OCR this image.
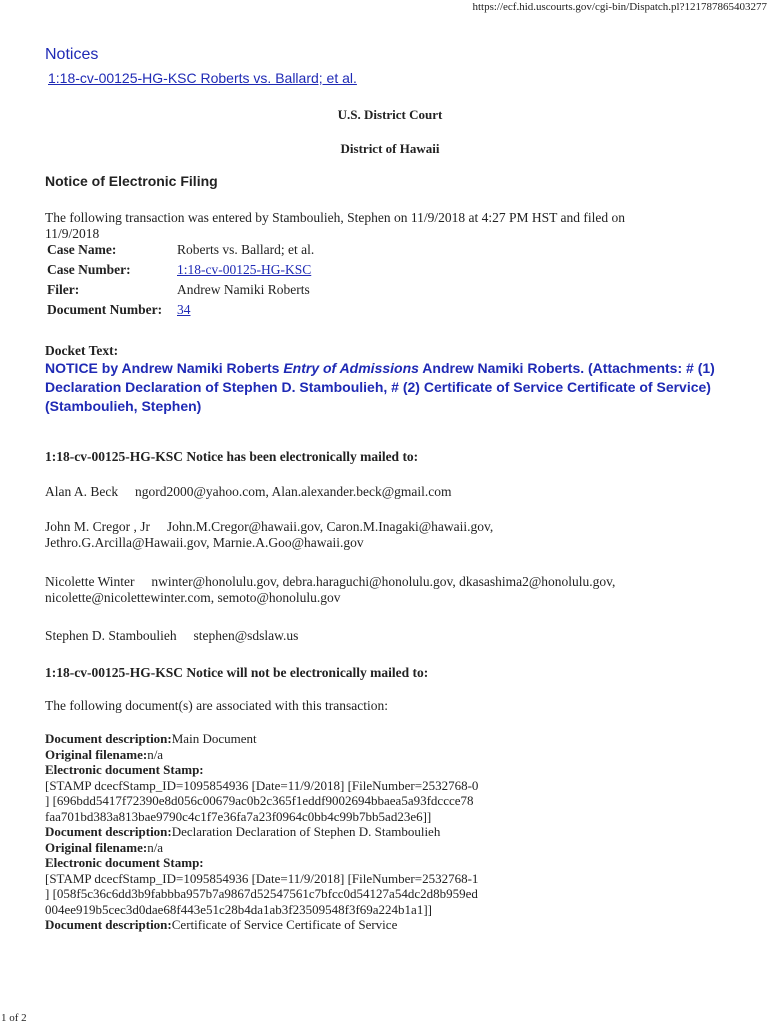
https://ecf.hid.uscourts.gov/cgi-bin/Dispatch.pl?121787865403277
Notices
1:18-cv-00125-HG-KSC Roberts vs. Ballard; et al.
U.S. District Court
District of Hawaii
Notice of Electronic Filing
The following transaction was entered by Stamboulieh, Stephen on 11/9/2018 at 4:27 PM HST and filed on
11/9/2018
Case Name:	Roberts vs. Ballard; et al.
Case Number:	1:18-cv-00125-HG-KSC
Filer:	Andrew Namiki Roberts
Document Number:	34
Docket Text:
NOTICE by Andrew Namiki Roberts Entry of Admissions Andrew Namiki Roberts. (Attachments: # (1) Declaration Declaration of Stephen D. Stamboulieh, # (2) Certificate of Service Certificate of Service)(Stamboulieh, Stephen)
1:18-cv-00125-HG-KSC Notice has been electronically mailed to:
Alan A. Beck     ngord2000@yahoo.com, Alan.alexander.beck@gmail.com
John M. Cregor , Jr     John.M.Cregor@hawaii.gov, Caron.M.Inagaki@hawaii.gov,
Jethro.G.Arcilla@Hawaii.gov, Marnie.A.Goo@hawaii.gov
Nicolette Winter     nwinter@honolulu.gov, debra.haraguchi@honolulu.gov, dkasashima2@honolulu.gov,
nicolette@nicolettewinter.com, semoto@honolulu.gov
Stephen D. Stamboulieh     stephen@sdslaw.us
1:18-cv-00125-HG-KSC Notice will not be electronically mailed to:
The following document(s) are associated with this transaction:
Document description:Main Document
Original filename:n/a
Electronic document Stamp:
[STAMP dcecfStamp_ID=1095854936 [Date=11/9/2018] [FileNumber=2532768-0
] [696bdd5417f72390e8d056c00679ac0b2c365f1eddf9002694bbaea5a93fdccce78
faa701bd383a813bae9790c4c1f7e36fa7a23f0964c0bb4c99b7bb5ad23e6]]
Document description:Declaration Declaration of Stephen D. Stamboulieh
Original filename:n/a
Electronic document Stamp:
[STAMP dcecfStamp_ID=1095854936 [Date=11/9/2018] [FileNumber=2532768-1
] [058f5c36c6dd3b9fabbba957b7a9867d52547561c7bfcc0d54127a54dc2d8b959ed
004ee919b5cec3d0dae68f443e51c28b4da1ab3f23509548f3f69a224b1a1]]
Document description:Certificate of Service Certificate of Service
1 of 2
